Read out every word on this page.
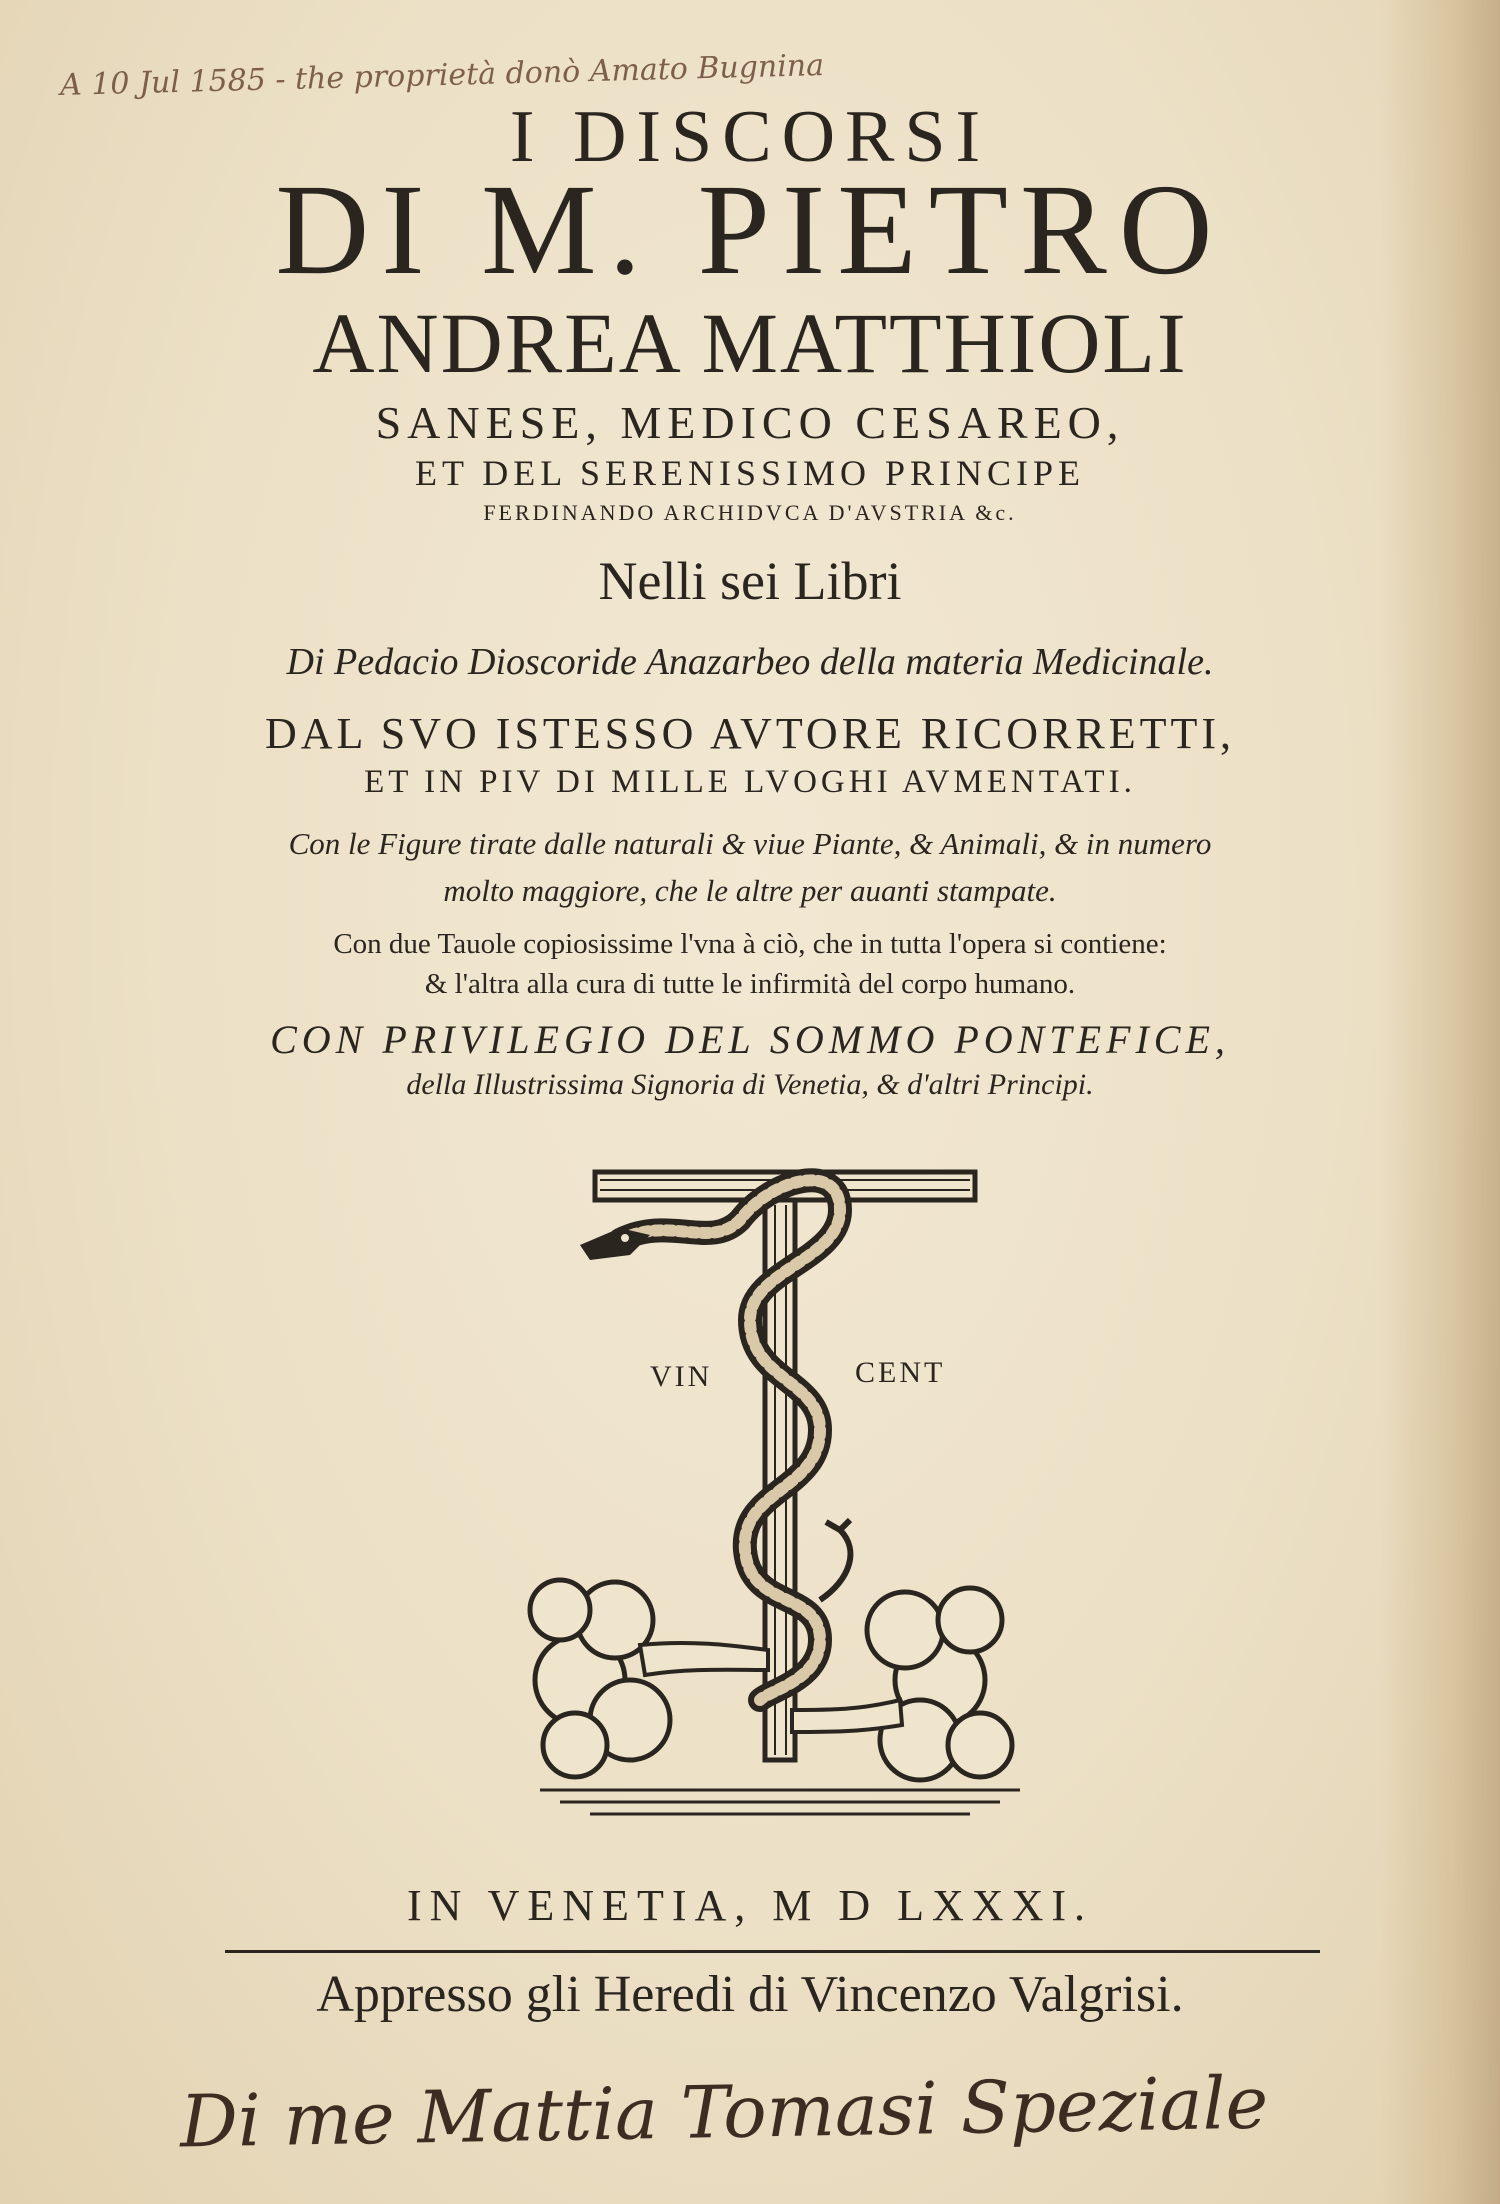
A 10 Jul 1585 - the proprietà donò Amato Bugnina
I DISCORSI
DI M. PIETRO
ANDREA MATTHIOLI
SANESE, MEDICO CESAREO,
ET DEL SERENISSIMO PRINCIPE
FERDINANDO ARCHIDVCA D'AVSTRIA &c.
Nelli sei Libri
Di Pedacio Dioscoride Anazarbeo della materia Medicinale.
DAL SVO ISTESSO AVTORE RICORRETTI,
ET IN PIV DI MILLE LVOGHI AVMENTATI.
Con le Figure tirate dalle naturali & viue Piante, & Animali, & in numero
molto maggiore, che le altre per auanti stampate.
Con due Tauole copiosissime l'vna à ciò, che in tutta l'opera si contiene:
& l'altra alla cura di tutte le infirmità del corpo humano.
CON PRIVILEGIO DEL SOMMO PONTEFICE,
della Illustrissima Signoria di Venetia, & d'altri Principi.
VIN	CENT
IN VENETIA, M D LXXXI.
Appresso gli Heredi di Vincenzo Valgrisi.
Di me Mattia Tomasi Speziale
